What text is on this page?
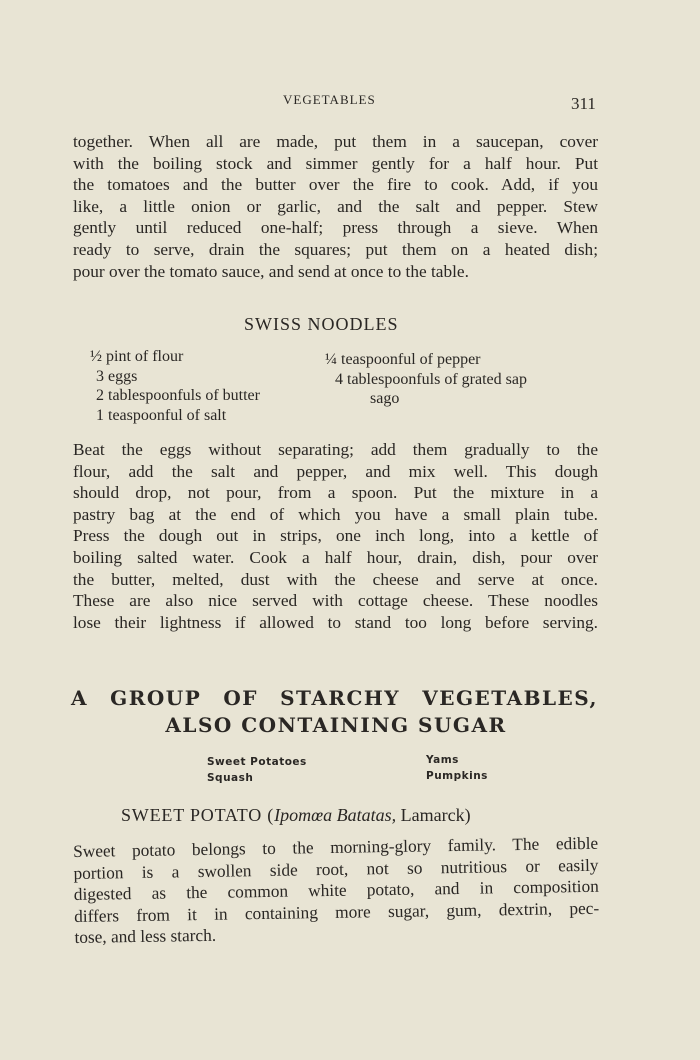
VEGETABLES	311
together. When all are made, put them in a saucepan, cover
with the boiling stock and simmer gently for a half hour. Put
the tomatoes and the butter over the fire to cook. Add, if you
like, a little onion or garlic, and the salt and pepper. Stew
gently until reduced one-half; press through a sieve. When
ready to serve, drain the squares; put them on a heated dish;
pour over the tomato sauce, and send at once to the table.
SWISS NOODLES
½ pint of flour
3 eggs
2 tablespoonfuls of butter
1 teaspoonful of salt
¼ teaspoonful of pepper
4 tablespoonfuls of grated sap
sago
Beat the eggs without separating; add them gradually to the
flour, add the salt and pepper, and mix well. This dough
should drop, not pour, from a spoon. Put the mixture in a
pastry bag at the end of which you have a small plain tube.
Press the dough out in strips, one inch long, into a kettle of
boiling salted water. Cook a half hour, drain, dish, pour over
the butter, melted, dust with the cheese and serve at once.
These are also nice served with cottage cheese. These noodles
lose their lightness if allowed to stand too long before serving.
A GROUP OF STARCHY VEGETABLES,
ALSO CONTAINING SUGAR
Sweet Potatoes
Squash
Yams
Pumpkins
SWEET POTATO (Ipomœa Batatas, Lamarck)
Sweet potato belongs to the morning-glory family. The edible
portion is a swollen side root, not so nutritious or easily
digested as the common white potato, and in composition
differs from it in containing more sugar, gum, dextrin, pec-
tose, and less starch.
